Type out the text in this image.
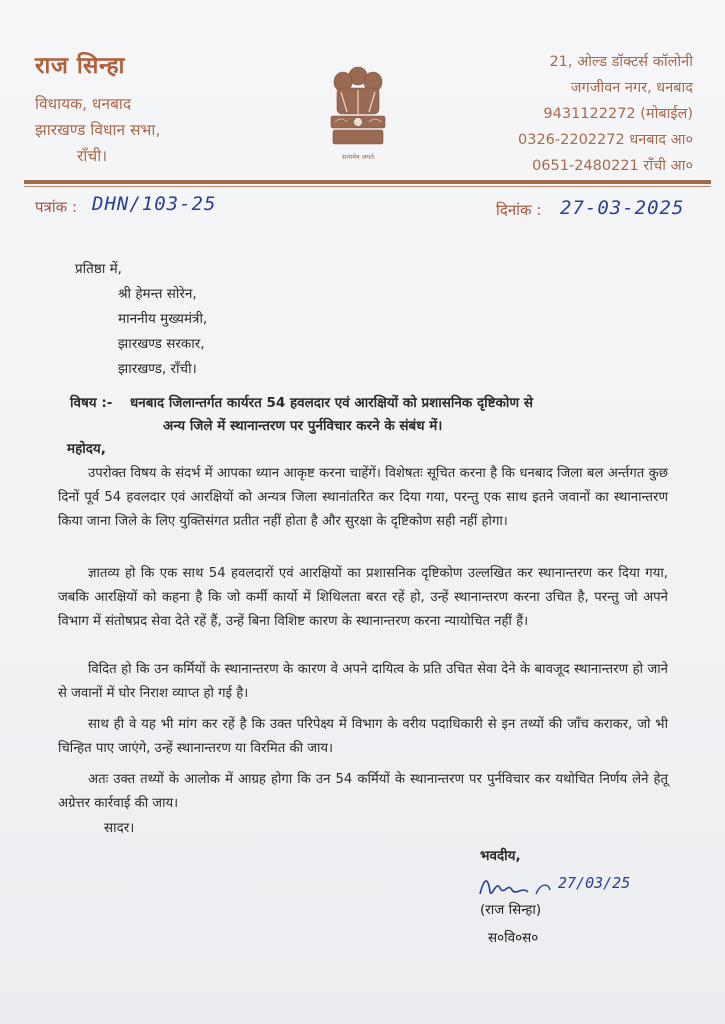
राज सिन्हा
विधायक, धनबाद
झारखण्ड विधान सभा,
राँची।	सत्यमेव जयते
21, ओल्ड डॉक्टर्स कॉलोनी
जगजीवन नगर, धनबाद
9431122272 (मोबाईल)
0326-2202272 धनबाद आ०
0651-2480221 राँची आ०
पत्रांक : DHN/103-25	दिनांक : 27-03-2025
प्रतिष्ठा में,
श्री हेमन्त सोरेन,
माननीय मुख्यमंत्री,
झारखण्ड सरकार,
झारखण्ड, राँची।
विषय :- धनबाद जिलान्तर्गत कार्यरत 54 हवलदार एवं आरक्षियों को प्रशासनिक दृष्टिकोण से
अन्य जिले में स्थानान्तरण पर पुर्नविचार करने के संबंध में।
महोदय,
उपरोक्त विषय के संदर्भ में आपका ध्यान आकृष्ट करना चाहेंगें। विशेषतः सूचित करना है कि धनबाद जिला बल अर्न्तगत कुछ दिनों पूर्व 54 हवलदार एवं आरक्षियों को अन्यत्र जिला स्थानांतरित कर दिया गया, परन्तु एक साथ इतने जवानों का स्थानान्तरण किया जाना जिले के लिए युक्तिसंगत प्रतीत नहीं होता है और सुरक्षा के दृष्टिकोण सही नहीं होगा।
ज्ञातव्य हो कि एक साथ 54 हवलदारों एवं आरक्षियों का प्रशासनिक दृष्टिकोण उल्लखित कर स्थानान्तरण कर दिया गया, जबकि आरक्षियों को कहना है कि जो कर्मी कार्यो में शिथिलता बरत रहें हो, उन्हें स्थानान्तरण करना उचित है, परन्तु जो अपने विभाग में संतोषप्रद सेवा देते रहें हैं, उन्हें बिना विशिष्ट कारण के स्थानान्तरण करना न्यायोचित नहीं हैं।
विदित हो कि उन कर्मियों के स्थानान्तरण के कारण वे अपने दायित्व के प्रति उचित सेवा देने के बावजूद स्थानान्तरण हो जाने से जवानों में घोर निराश व्याप्त हो गई है।
साथ ही वे यह भी मांग कर रहें है कि उक्त परिपेक्ष्य में विभाग के वरीय पदाधिकारी से इन तथ्यों की जाँच कराकर, जो भी चिन्हित पाए जाएंगे, उन्हें स्थानान्तरण या विरमित की जाय।
अतः उक्त तथ्यों के आलोक में आग्रह होगा कि उन 54 कर्मियों के स्थानान्तरण पर पुर्नविचार कर यथोचित निर्णय लेने हेतू अग्रेत्तर कार्रवाई की जाय।
सादर।
भवदीय,
27/03/25
(राज सिन्हा)
स०वि०स०
